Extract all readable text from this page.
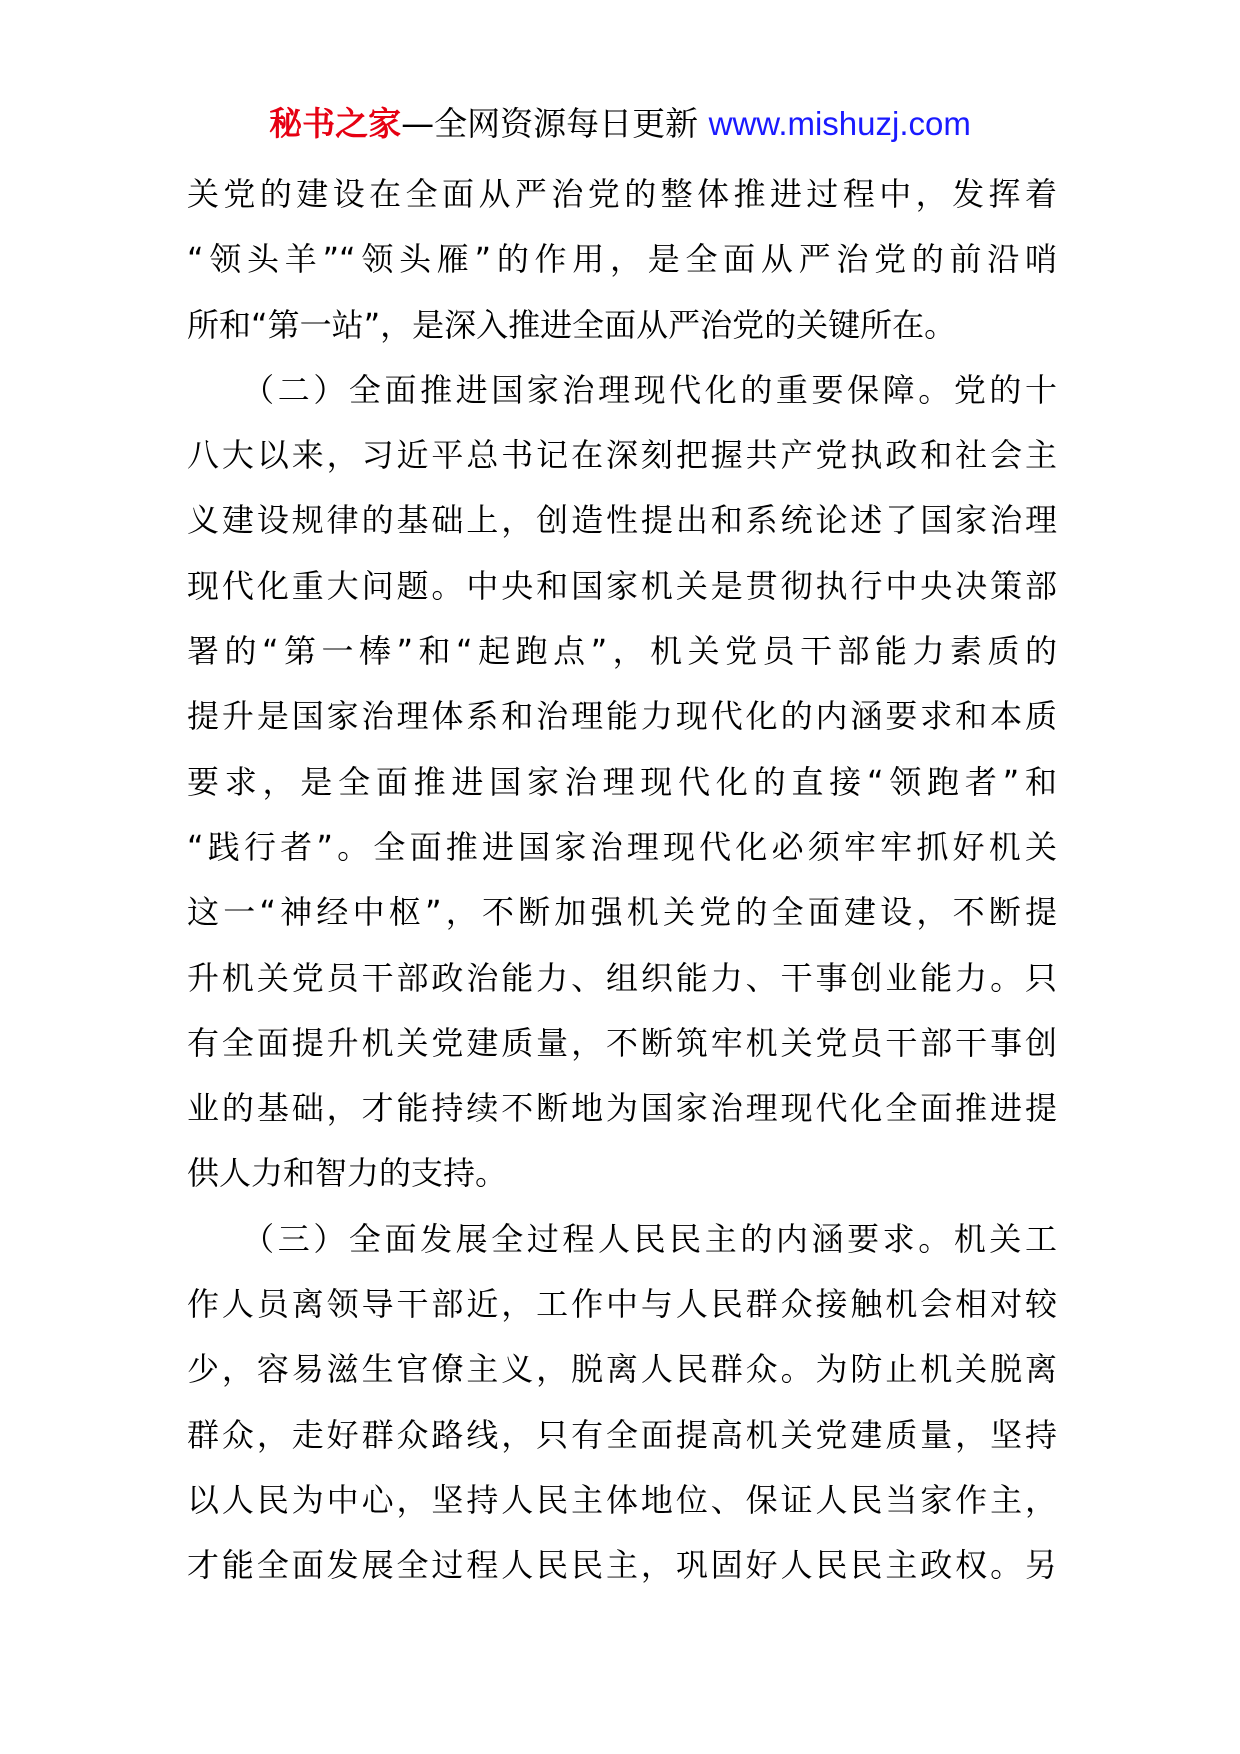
秘书之家—全网资源每日更新 www.mishuzj.com
关党的建设在全面从严治党的整体推进过程中，发挥着
“领头羊”“领头雁”的作用，是全面从严治党的前沿哨
所和“第一站”，是深入推进全面从严治党的关键所在。
　　（二）全面推进国家治理现代化的重要保障。党的十
八大以来，习近平总书记在深刻把握共产党执政和社会主
义建设规律的基础上，创造性提出和系统论述了国家治理
现代化重大问题。中央和国家机关是贯彻执行中央决策部
署的“第一棒”和“起跑点”，机关党员干部能力素质的
提升是国家治理体系和治理能力现代化的内涵要求和本质
要求，是全面推进国家治理现代化的直接“领跑者”和
“践行者”。全面推进国家治理现代化必须牢牢抓好机关
这一“神经中枢”，不断加强机关党的全面建设，不断提
升机关党员干部政治能力、组织能力、干事创业能力。只
有全面提升机关党建质量，不断筑牢机关党员干部干事创
业的基础，才能持续不断地为国家治理现代化全面推进提
供人力和智力的支持。
　　（三）全面发展全过程人民民主的内涵要求。机关工
作人员离领导干部近，工作中与人民群众接触机会相对较
少，容易滋生官僚主义，脱离人民群众。为防止机关脱离
群众，走好群众路线，只有全面提高机关党建质量，坚持
以人民为中心，坚持人民主体地位、保证人民当家作主，
才能全面发展全过程人民民主，巩固好人民民主政权。另
